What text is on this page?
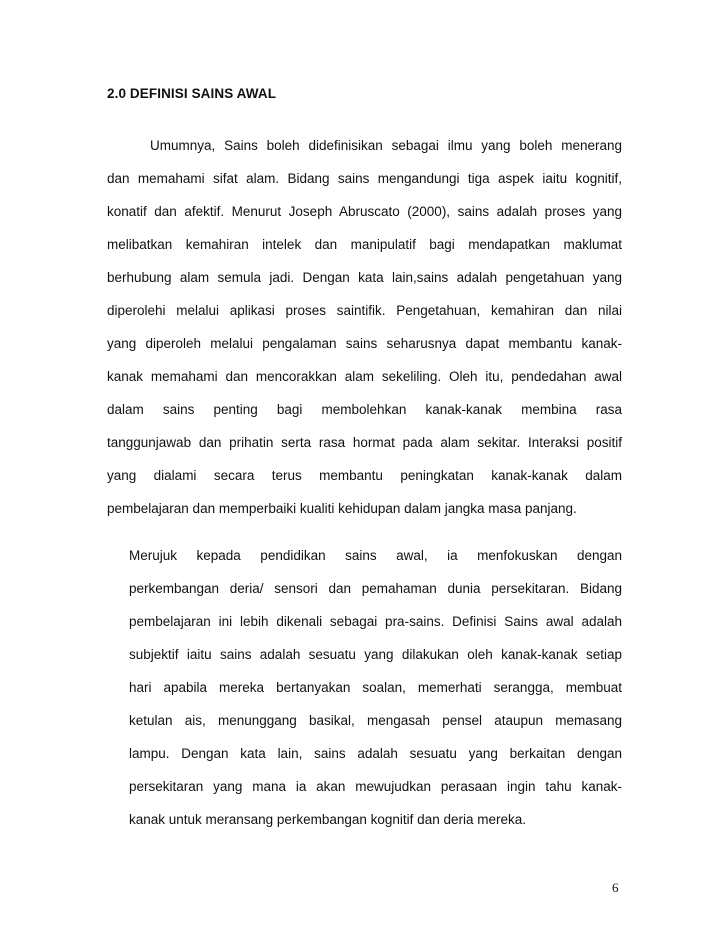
2.0 DEFINISI SAINS AWAL
Umumnya, Sains boleh didefinisikan sebagai ilmu yang boleh menerang
dan memahami sifat alam. Bidang sains mengandungi tiga aspek iaitu kognitif,
konatif dan afektif. Menurut Joseph Abruscato (2000), sains adalah proses yang
melibatkan kemahiran intelek dan manipulatif bagi mendapatkan maklumat
berhubung alam semula jadi. Dengan kata lain,sains adalah pengetahuan yang
diperolehi melalui aplikasi proses saintifik. Pengetahuan, kemahiran dan nilai
yang diperoleh melalui pengalaman sains seharusnya dapat membantu kanak-
kanak memahami dan mencorakkan alam sekeliling. Oleh itu, pendedahan awal
dalam sains penting bagi membolehkan kanak-kanak membina rasa
tanggunjawab dan prihatin serta rasa hormat pada alam sekitar. Interaksi positif
yang dialami secara terus membantu peningkatan kanak-kanak dalam
pembelajaran dan memperbaiki kualiti kehidupan dalam jangka masa panjang.
Merujuk kepada pendidikan sains awal, ia menfokuskan dengan
perkembangan deria/ sensori dan pemahaman dunia persekitaran. Bidang
pembelajaran ini lebih dikenali sebagai pra-sains. Definisi Sains awal adalah
subjektif iaitu sains adalah sesuatu yang dilakukan oleh kanak-kanak setiap
hari apabila mereka bertanyakan soalan, memerhati serangga, membuat
ketulan ais, menunggang basikal, mengasah pensel ataupun memasang
lampu. Dengan kata lain, sains adalah sesuatu yang berkaitan dengan
persekitaran yang mana ia akan mewujudkan perasaan ingin tahu kanak-
kanak untuk meransang perkembangan kognitif dan deria mereka.
6
